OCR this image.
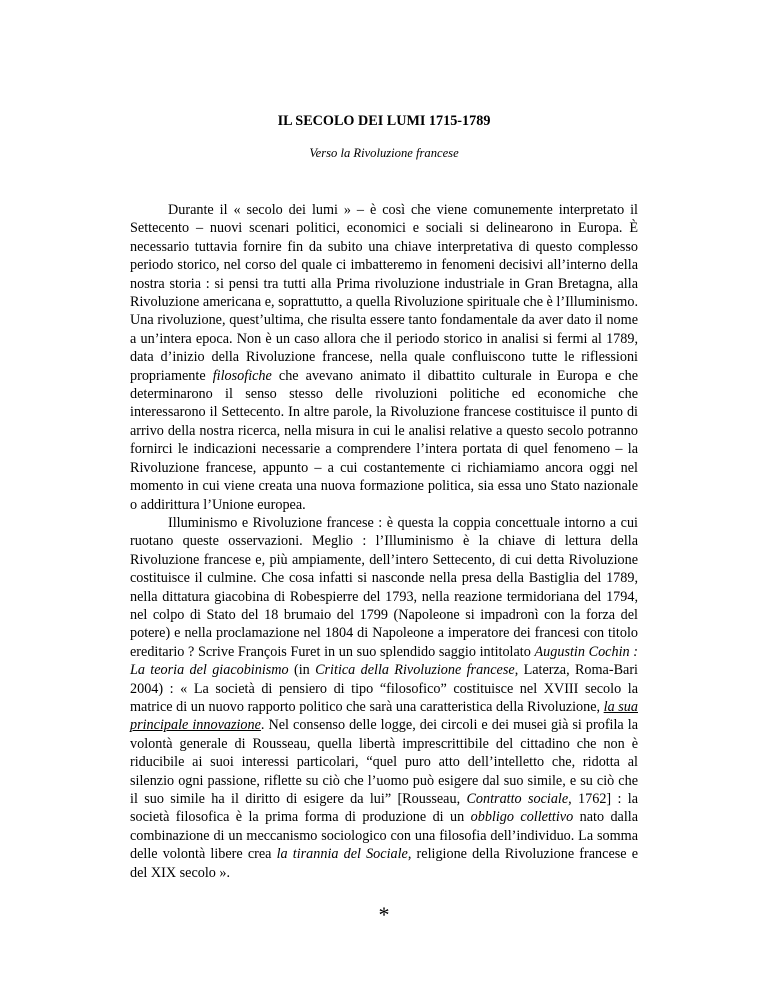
IL SECOLO DEI LUMI 1715-1789

Verso la Rivoluzione francese

Durante il « secolo dei lumi » – è così che viene comunemente interpretato il Settecento – nuovi scenari politici, economici e sociali si delinearono in Europa. È necessario tuttavia fornire fin da subito una chiave interpretativa di questo complesso periodo storico, nel corso del quale ci imbatteremo in fenomeni decisivi all’interno della nostra storia : si pensi tra tutti alla Prima rivoluzione industriale in Gran Bretagna, alla Rivoluzione americana e, soprattutto, a quella Rivoluzione spirituale che è l’Illuminismo. Una rivoluzione, quest’ultima, che risulta essere tanto fondamentale da aver dato il nome a un’intera epoca. Non è un caso allora che il periodo storico in analisi si fermi al 1789, data d’inizio della Rivoluzione francese, nella quale confluiscono tutte le riflessioni propriamente filosofiche che avevano animato il dibattito culturale in Europa e che determinarono il senso stesso delle rivoluzioni politiche ed economiche che interessarono il Settecento. In altre parole, la Rivoluzione francese costituisce il punto di arrivo della nostra ricerca, nella misura in cui le analisi relative a questo secolo potranno fornirci le indicazioni necessarie a comprendere l’intera portata di quel fenomeno – la Rivoluzione francese, appunto – a cui costantemente ci richiamiamo ancora oggi nel momento in cui viene creata una nuova formazione politica, sia essa uno Stato nazionale o addirittura l’Unione europea.

Illuminismo e Rivoluzione francese : è questa la coppia concettuale intorno a cui ruotano queste osservazioni. Meglio : l’Illuminismo è la chiave di lettura della Rivoluzione francese e, più ampiamente, dell’intero Settecento, di cui detta Rivoluzione costituisce il culmine. Che cosa infatti si nasconde nella presa della Bastiglia del 1789, nella dittatura giacobina di Robespierre del 1793, nella reazione termidoriana del 1794, nel colpo di Stato del 18 brumaio del 1799 (Napoleone si impadronì con la forza del potere) e nella proclamazione nel 1804 di Napoleone a imperatore dei francesi con titolo ereditario ? Scrive François Furet in un suo splendido saggio intitolato Augustin Cochin : La teoria del giacobinismo (in Critica della Rivoluzione francese, Laterza, Roma-Bari 2004) : « La società di pensiero di tipo “filosofico” costituisce nel XVIII secolo la matrice di un nuovo rapporto politico che sarà una caratteristica della Rivoluzione, la sua principale innovazione. Nel consenso delle logge, dei circoli e dei musei già si profila la volontà generale di Rousseau, quella libertà imprescrittibile del cittadino che non è riducibile ai suoi interessi particolari, “quel puro atto dell’intelletto che, ridotta al silenzio ogni passione, riflette su ciò che l’uomo può esigere dal suo simile, e su ciò che il suo simile ha il diritto di esigere da lui” [Rousseau, Contratto sociale, 1762] : la società filosofica è la prima forma di produzione di un obbligo collettivo nato dalla combinazione di un meccanismo sociologico con una filosofia dell’individuo. La somma delle volontà libere crea la tirannia del Sociale, religione della Rivoluzione francese e del XIX secolo ».

*
